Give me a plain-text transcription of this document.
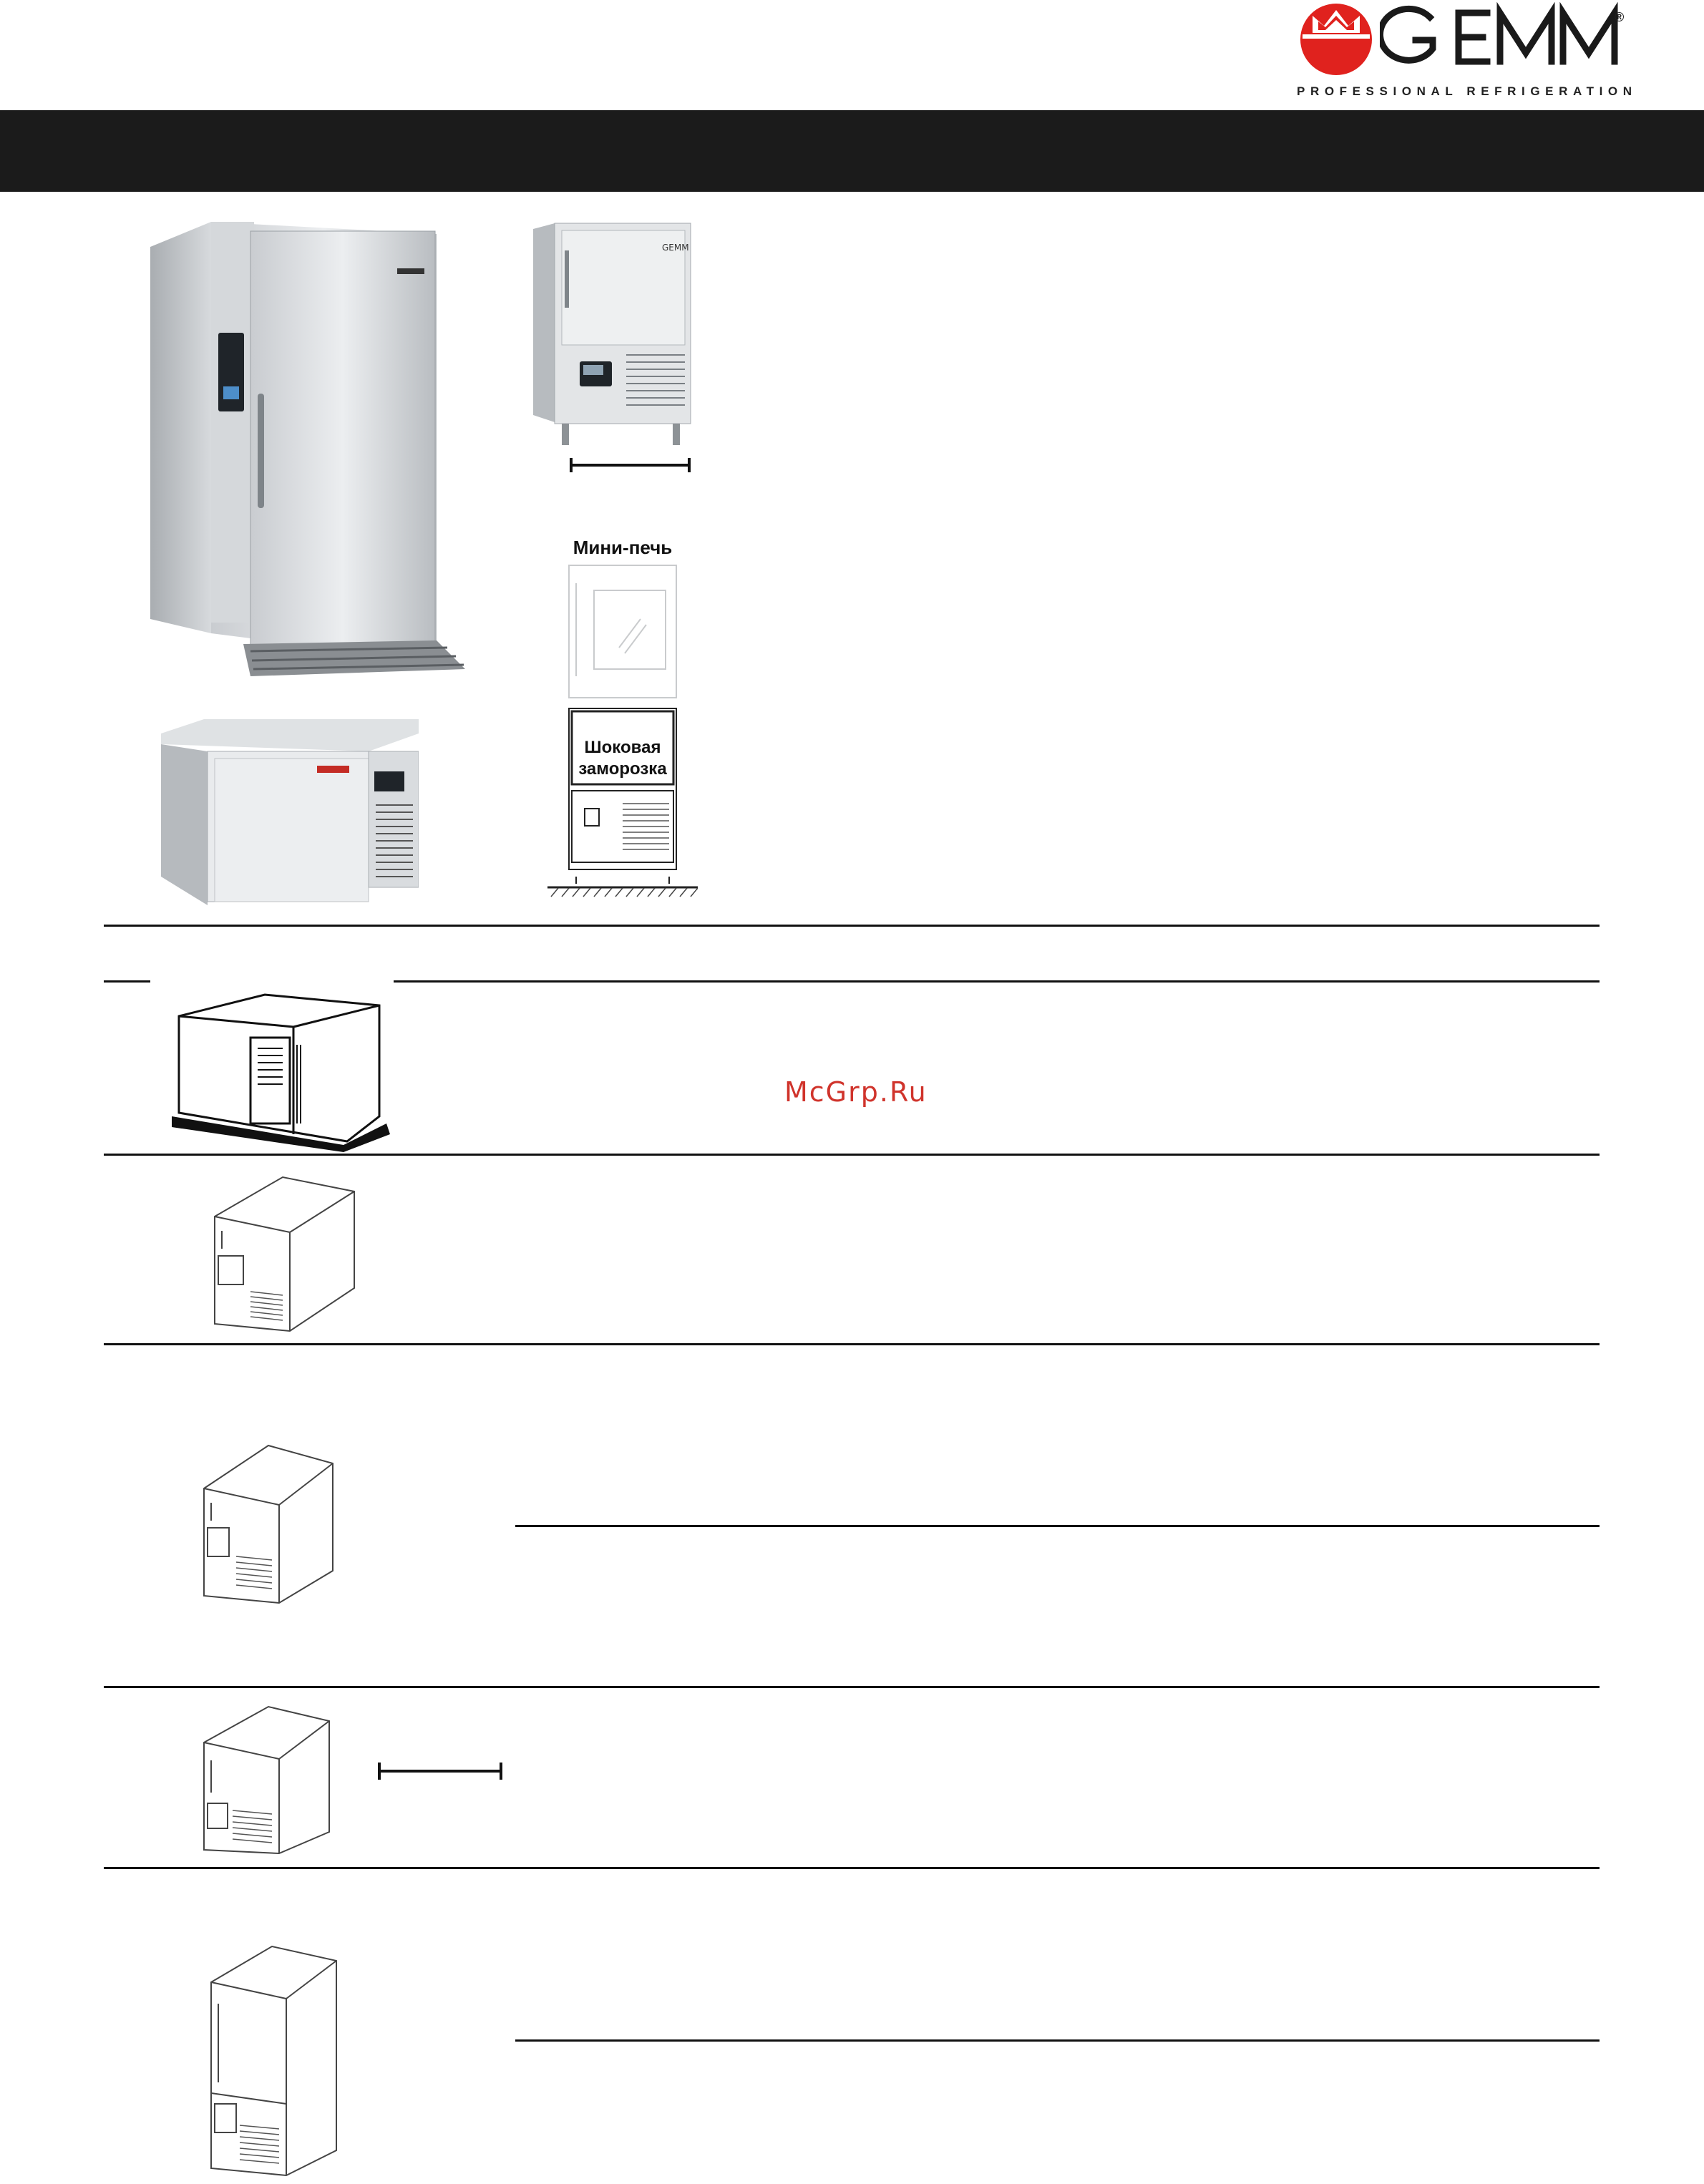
®
PROFESSIONAL REFRIGERATION
GEMM
Мини-печь
Шоковая
заморозка
McGrp.Ru
